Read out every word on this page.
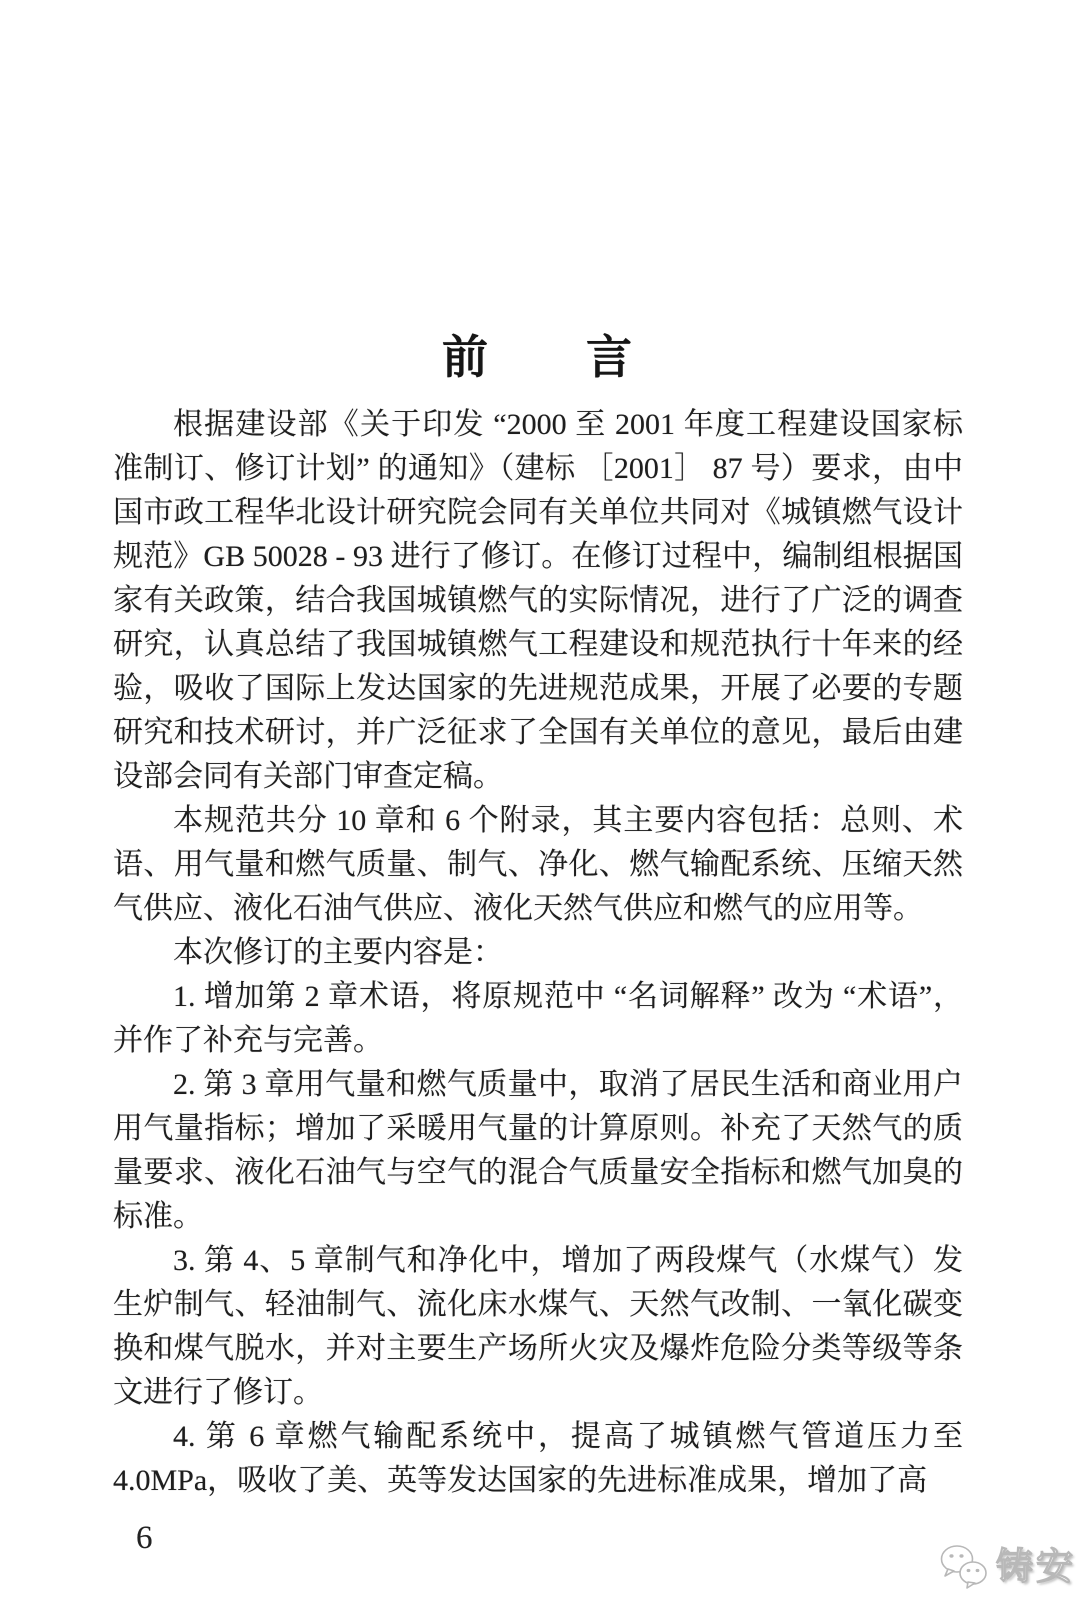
前　　言

根据建设部《关于印发 “2000 至 2001 年度工程建设国家标准制订、修订计划” 的通知》（建标 ［2001］ 87 号）要求，由中国市政工程华北设计研究院会同有关单位共同对《城镇燃气设计规范》GB 50028 - 93 进行了修订。在修订过程中，编制组根据国家有关政策，结合我国城镇燃气的实际情况，进行了广泛的调查研究，认真总结了我国城镇燃气工程建设和规范执行十年来的经验，吸收了国际上发达国家的先进规范成果，开展了必要的专题研究和技术研讨，并广泛征求了全国有关单位的意见，最后由建设部会同有关部门审查定稿。

本规范共分 10 章和 6 个附录，其主要内容包括：总则、术语、用气量和燃气质量、制气、净化、燃气输配系统、压缩天然气供应、液化石油气供应、液化天然气供应和燃气的应用等。

本次修订的主要内容是：

1. 增加第 2 章术语，将原规范中 “名词解释” 改为 “术语”，并作了补充与完善。

2. 第 3 章用气量和燃气质量中，取消了居民生活和商业用户用气量指标；增加了采暖用气量的计算原则。补充了天然气的质量要求、液化石油气与空气的混合气质量安全指标和燃气加臭的标准。

3. 第 4、5 章制气和净化中，增加了两段煤气（水煤气）发生炉制气、轻油制气、流化床水煤气、天然气改制、一氧化碳变换和煤气脱水，并对主要生产场所火灾及爆炸危险分类等级等条文进行了修订。

4. 第 6 章燃气输配系统中，提高了城镇燃气管道压力至 4.0MPa，吸收了美、英等发达国家的先进标准成果，增加了高

6
铸安
